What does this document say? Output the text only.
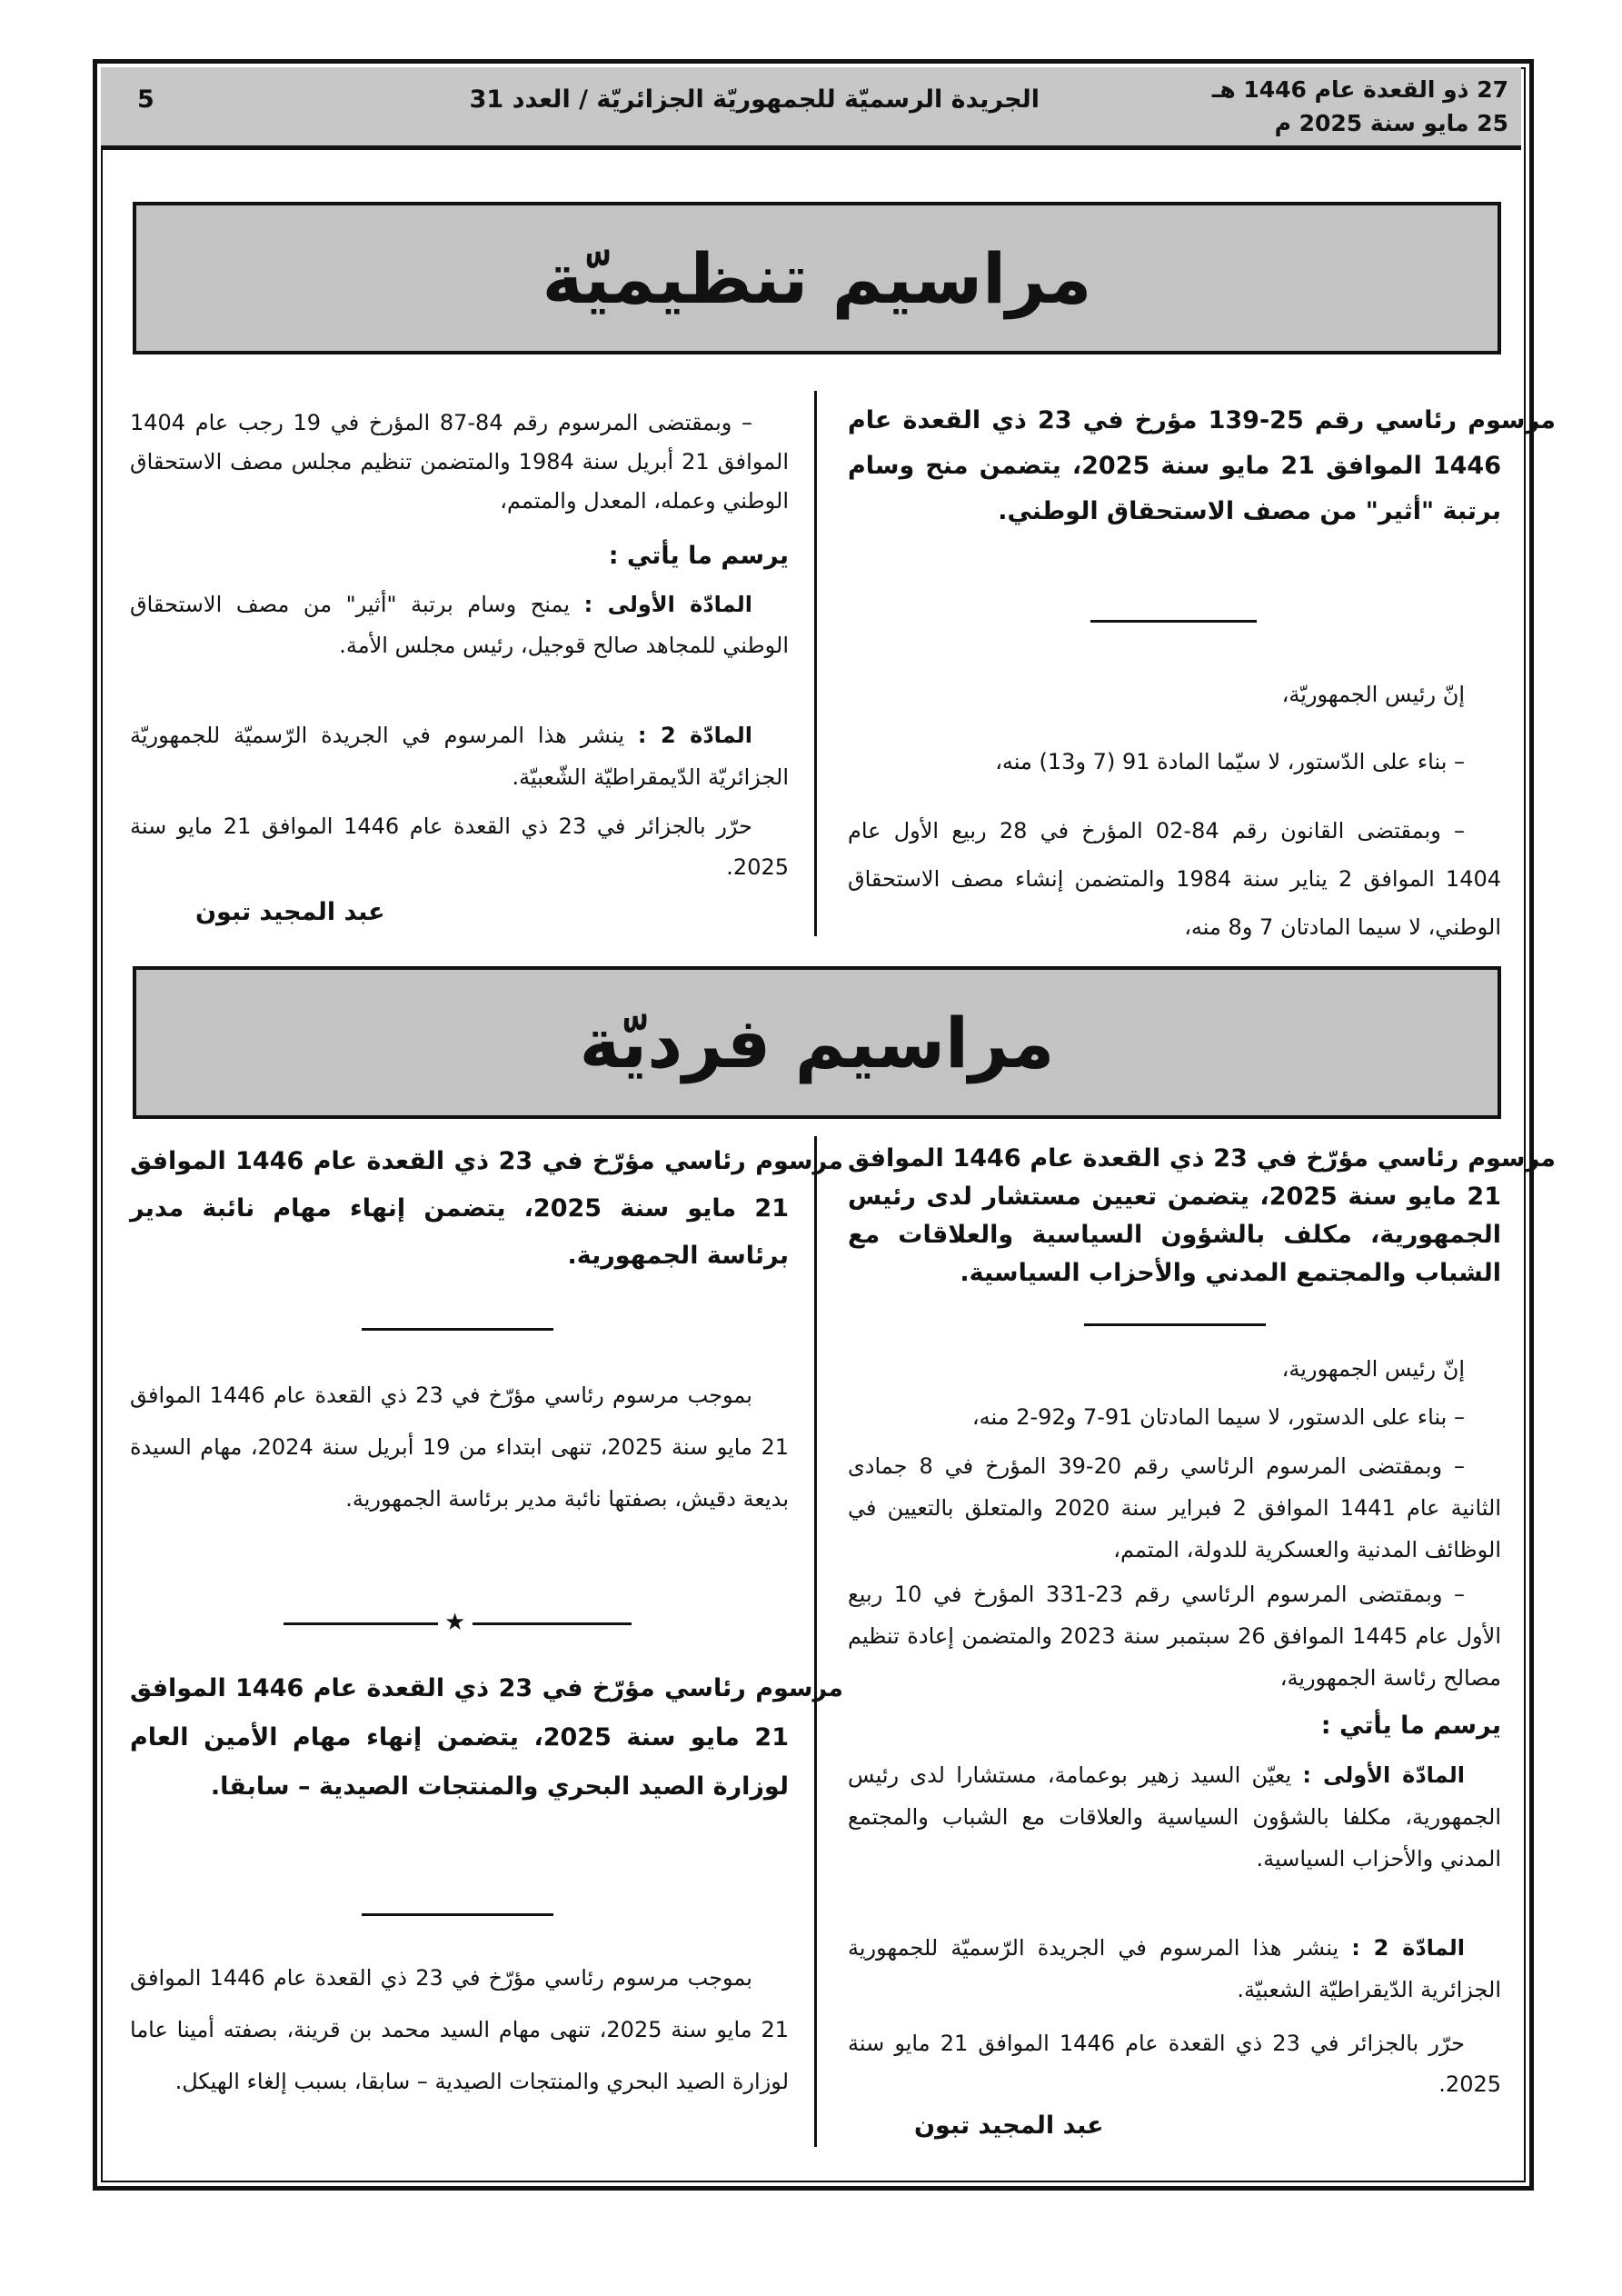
27 ذو القعدة عام 1446 هـ
25 مايو سنة 2025 م
الجريدة الرسميّة للجمهوريّة الجزائريّة / العدد 31
5
مراسيم تنظيميّة

مرسوم رئاسي رقم 25-139 مؤرخ في 23 ذي القعدة عام 1446 الموافق 21 مايو سنة 2025، يتضمن منح وسام برتبة "أثير" من مصف الاستحقاق الوطني.

إنّ رئيس الجمهوريّة،

– بناء على الدّستور، لا سيّما المادة 91 (7 و13) منه،

– وبمقتضى القانون رقم 84-02 المؤرخ في 28 ربيع الأول عام 1404 الموافق 2 يناير سنة 1984 والمتضمن إنشاء مصف الاستحقاق الوطني، لا سيما المادتان 7 و8 منه،

– وبمقتضى المرسوم رقم 84-87 المؤرخ في 19 رجب عام 1404 الموافق 21 أبريل سنة 1984 والمتضمن تنظيم مجلس مصف الاستحقاق الوطني وعمله، المعدل والمتمم،

يرسم ما يأتي :

المادّة الأولى : يمنح وسام برتبة "أثير" من مصف الاستحقاق الوطني للمجاهد صالح قوجيل، رئيس مجلس الأمة.

المادّة 2 : ينشر هذا المرسوم في الجريدة الرّسميّة للجمهوريّة الجزائريّة الدّيمقراطيّة الشّعبيّة.

حرّر بالجزائر في 23 ذي القعدة عام 1446 الموافق 21 مايو سنة 2025.

عبد المجيد تبون
مراسيم فرديّة

مرسوم رئاسي مؤرّخ في 23 ذي القعدة عام 1446 الموافق 21 مايو سنة 2025، يتضمن تعيين مستشار لدى رئيس الجمهورية، مكلف بالشؤون السياسية والعلاقات مع الشباب والمجتمع المدني والأحزاب السياسية.

إنّ رئيس الجمهورية،

– بناء على الدستور، لا سيما المادتان 91-7 و92-2 منه،

– وبمقتضى المرسوم الرئاسي رقم 20-39 المؤرخ في 8 جمادى الثانية عام 1441 الموافق 2 فبراير سنة 2020 والمتعلق بالتعيين في الوظائف المدنية والعسكرية للدولة، المتمم،

– وبمقتضى المرسوم الرئاسي رقم 23-331 المؤرخ في 10 ربيع الأول عام 1445 الموافق 26 سبتمبر سنة 2023 والمتضمن إعادة تنظيم مصالح رئاسة الجمهورية،

يرسم ما يأتي :

المادّة الأولى : يعيّن السيد زهير بوعمامة، مستشارا لدى رئيس الجمهورية، مكلفا بالشؤون السياسية والعلاقات مع الشباب والمجتمع المدني والأحزاب السياسية.

المادّة 2 : ينشر هذا المرسوم في الجريدة الرّسميّة للجمهورية الجزائرية الدّيقراطيّة الشعبيّة.

حرّر بالجزائر في 23 ذي القعدة عام 1446 الموافق 21 مايو سنة 2025.

عبد المجيد تبون

مرسوم رئاسي مؤرّخ في 23 ذي القعدة عام 1446 الموافق 21 مايو سنة 2025، يتضمن إنهاء مهام نائبة مدير برئاسة الجمهورية.

بموجب مرسوم رئاسي مؤرّخ في 23 ذي القعدة عام 1446 الموافق 21 مايو سنة 2025، تنهى ابتداء من 19 أبريل سنة 2024، مهام السيدة بديعة دقيش، بصفتها نائبة مدير برئاسة الجمهورية.

★

مرسوم رئاسي مؤرّخ في 23 ذي القعدة عام 1446 الموافق 21 مايو سنة 2025، يتضمن إنهاء مهام الأمين العام لوزارة الصيد البحري والمنتجات الصيدية – سابقا.

بموجب مرسوم رئاسي مؤرّخ في 23 ذي القعدة عام 1446 الموافق 21 مايو سنة 2025، تنهى مهام السيد محمد بن قرينة، بصفته أمينا عاما لوزارة الصيد البحري والمنتجات الصيدية – سابقا، بسبب إلغاء الهيكل.
